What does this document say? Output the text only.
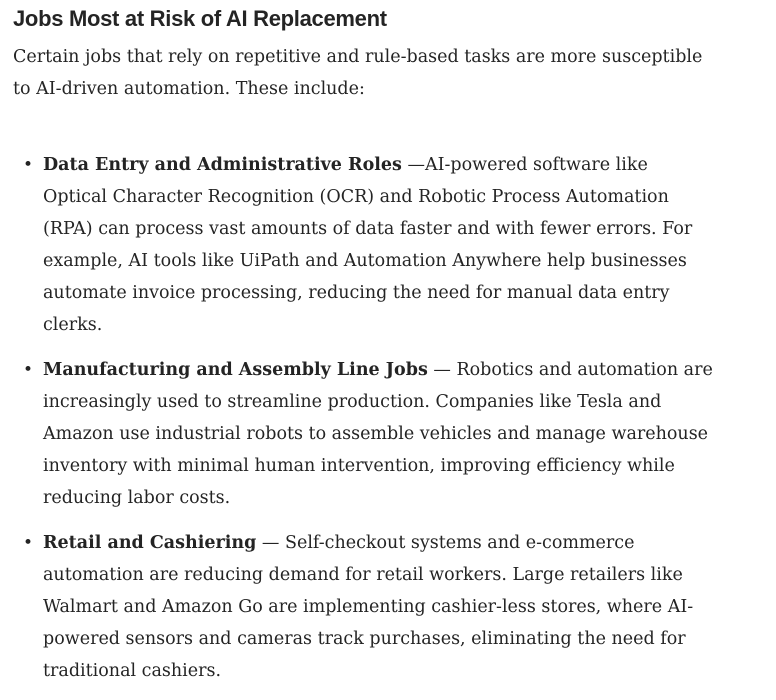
Jobs Most at Risk of AI Replacement

Certain jobs that rely on repetitive and rule-based tasks are more susceptible to AI-driven automation. These include:

• Data Entry and Administrative Roles —AI-powered software like Optical Character Recognition (OCR) and Robotic Process Automation (RPA) can process vast amounts of data faster and with fewer errors. For example, AI tools like UiPath and Automation Anywhere help businesses automate invoice processing, reducing the need for manual data entry clerks.
• Manufacturing and Assembly Line Jobs — Robotics and automation are increasingly used to streamline production. Companies like Tesla and Amazon use industrial robots to assemble vehicles and manage warehouse inventory with minimal human intervention, improving efficiency while reducing labor costs.
• Retail and Cashiering — Self-checkout systems and e-commerce automation are reducing demand for retail workers. Large retailers like Walmart and Amazon Go are implementing cashier-less stores, where AI-powered sensors and cameras track purchases, eliminating the need for traditional cashiers.
